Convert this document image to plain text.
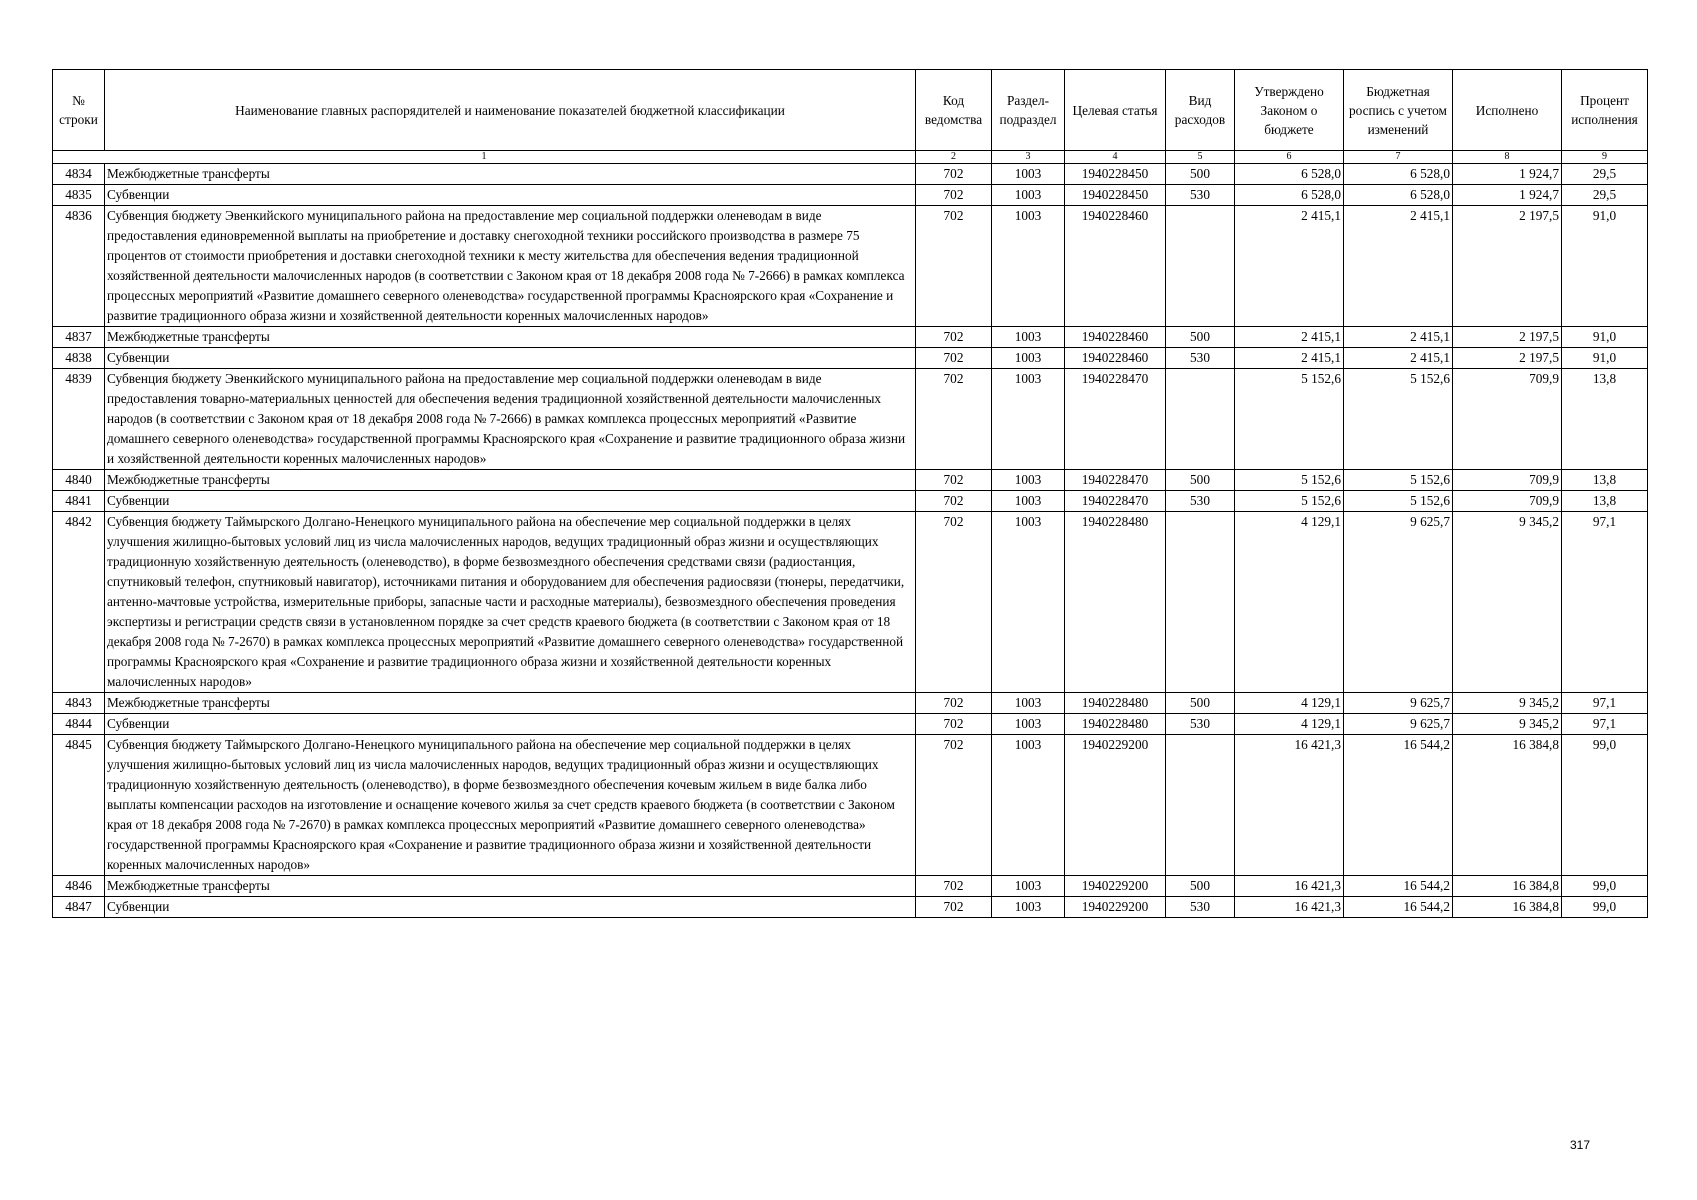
№ строки	Наименование главных распорядителей и наименование показателей бюджетной классификации	Код ведомства	Раздел-подраздел	Целевая статья	Вид расходов	Утверждено Законом о бюджете	Бюджетная роспись с учетом изменений	Исполнено	Процент исполнения
1		2	3	4	5	6	7	8	9
4834	Межбюджетные трансферты	702	1003	1940228450	500	6 528,0	6 528,0	1 924,7	29,5
4835	Субвенции	702	1003	1940228450	530	6 528,0	6 528,0	1 924,7	29,5
4836	Субвенция бюджету Эвенкийского муниципального района на предоставление мер социальной поддержки оленеводам в виде предоставления единовременной выплаты на приобретение и доставку снегоходной техники российского производства в размере 75 процентов от стоимости приобретения и доставки снегоходной техники к месту жительства для обеспечения ведения традиционной хозяйственной деятельности малочисленных народов (в соответствии с Законом края от 18 декабря 2008 года № 7-2666) в рамках комплекса процессных мероприятий «Развитие домашнего северного оленеводства» государственной программы Красноярского края «Сохранение и развитие традиционного образа жизни и хозяйственной деятельности коренных малочисленных народов»	702	1003	1940228460		2 415,1	2 415,1	2 197,5	91,0
4837	Межбюджетные трансферты	702	1003	1940228460	500	2 415,1	2 415,1	2 197,5	91,0
4838	Субвенции	702	1003	1940228460	530	2 415,1	2 415,1	2 197,5	91,0
4839	Субвенция бюджету Эвенкийского муниципального района на предоставление мер социальной поддержки оленеводам в виде предоставления товарно-материальных ценностей для обеспечения ведения традиционной хозяйственной деятельности малочисленных народов (в соответствии с Законом края от 18 декабря 2008 года № 7-2666) в рамках комплекса процессных мероприятий «Развитие домашнего северного оленеводства» государственной программы Красноярского края «Сохранение и развитие традиционного образа жизни и хозяйственной деятельности коренных малочисленных народов»	702	1003	1940228470		5 152,6	5 152,6	709,9	13,8
4840	Межбюджетные трансферты	702	1003	1940228470	500	5 152,6	5 152,6	709,9	13,8
4841	Субвенции	702	1003	1940228470	530	5 152,6	5 152,6	709,9	13,8
4842	Субвенция бюджету Таймырского Долгано-Ненецкого муниципального района на обеспечение мер социальной поддержки в целях улучшения жилищно-бытовых условий лиц из числа малочисленных народов, ведущих традиционный образ жизни и осуществляющих традиционную хозяйственную деятельность (оленеводство), в форме безвозмездного обеспечения средствами связи (радиостанция, спутниковый телефон, спутниковый навигатор), источниками питания и оборудованием для обеспечения радиосвязи (тюнеры, передатчики, антенно-мачтовые устройства, измерительные приборы, запасные части и расходные материалы), безвозмездного обеспечения проведения экспертизы и регистрации средств связи в установленном порядке за счет средств краевого бюджета (в соответствии с Законом края от 18 декабря 2008 года № 7-2670) в рамках комплекса процессных мероприятий «Развитие домашнего северного оленеводства» государственной программы Красноярского края «Сохранение и развитие традиционного образа жизни и хозяйственной деятельности коренных малочисленных народов»	702	1003	1940228480		4 129,1	9 625,7	9 345,2	97,1
4843	Межбюджетные трансферты	702	1003	1940228480	500	4 129,1	9 625,7	9 345,2	97,1
4844	Субвенции	702	1003	1940228480	530	4 129,1	9 625,7	9 345,2	97,1
4845	Субвенция бюджету Таймырского Долгано-Ненецкого муниципального района на обеспечение мер социальной поддержки в целях улучшения жилищно-бытовых условий лиц из числа малочисленных народов, ведущих традиционный образ жизни и осуществляющих традиционную хозяйственную деятельность (оленеводство), в форме безвозмездного обеспечения кочевым жильем в виде балка либо выплаты компенсации расходов на изготовление и оснащение кочевого жилья за счет средств краевого бюджета (в соответствии с Законом края от 18 декабря 2008 года № 7-2670) в рамках комплекса процессных мероприятий «Развитие домашнего северного оленеводства» государственной программы Красноярского края «Сохранение и развитие традиционного образа жизни и хозяйственной деятельности коренных малочисленных народов»	702	1003	1940229200		16 421,3	16 544,2	16 384,8	99,0
4846	Межбюджетные трансферты	702	1003	1940229200	500	16 421,3	16 544,2	16 384,8	99,0
4847	Субвенции	702	1003	1940229200	530	16 421,3	16 544,2	16 384,8	99,0
317
